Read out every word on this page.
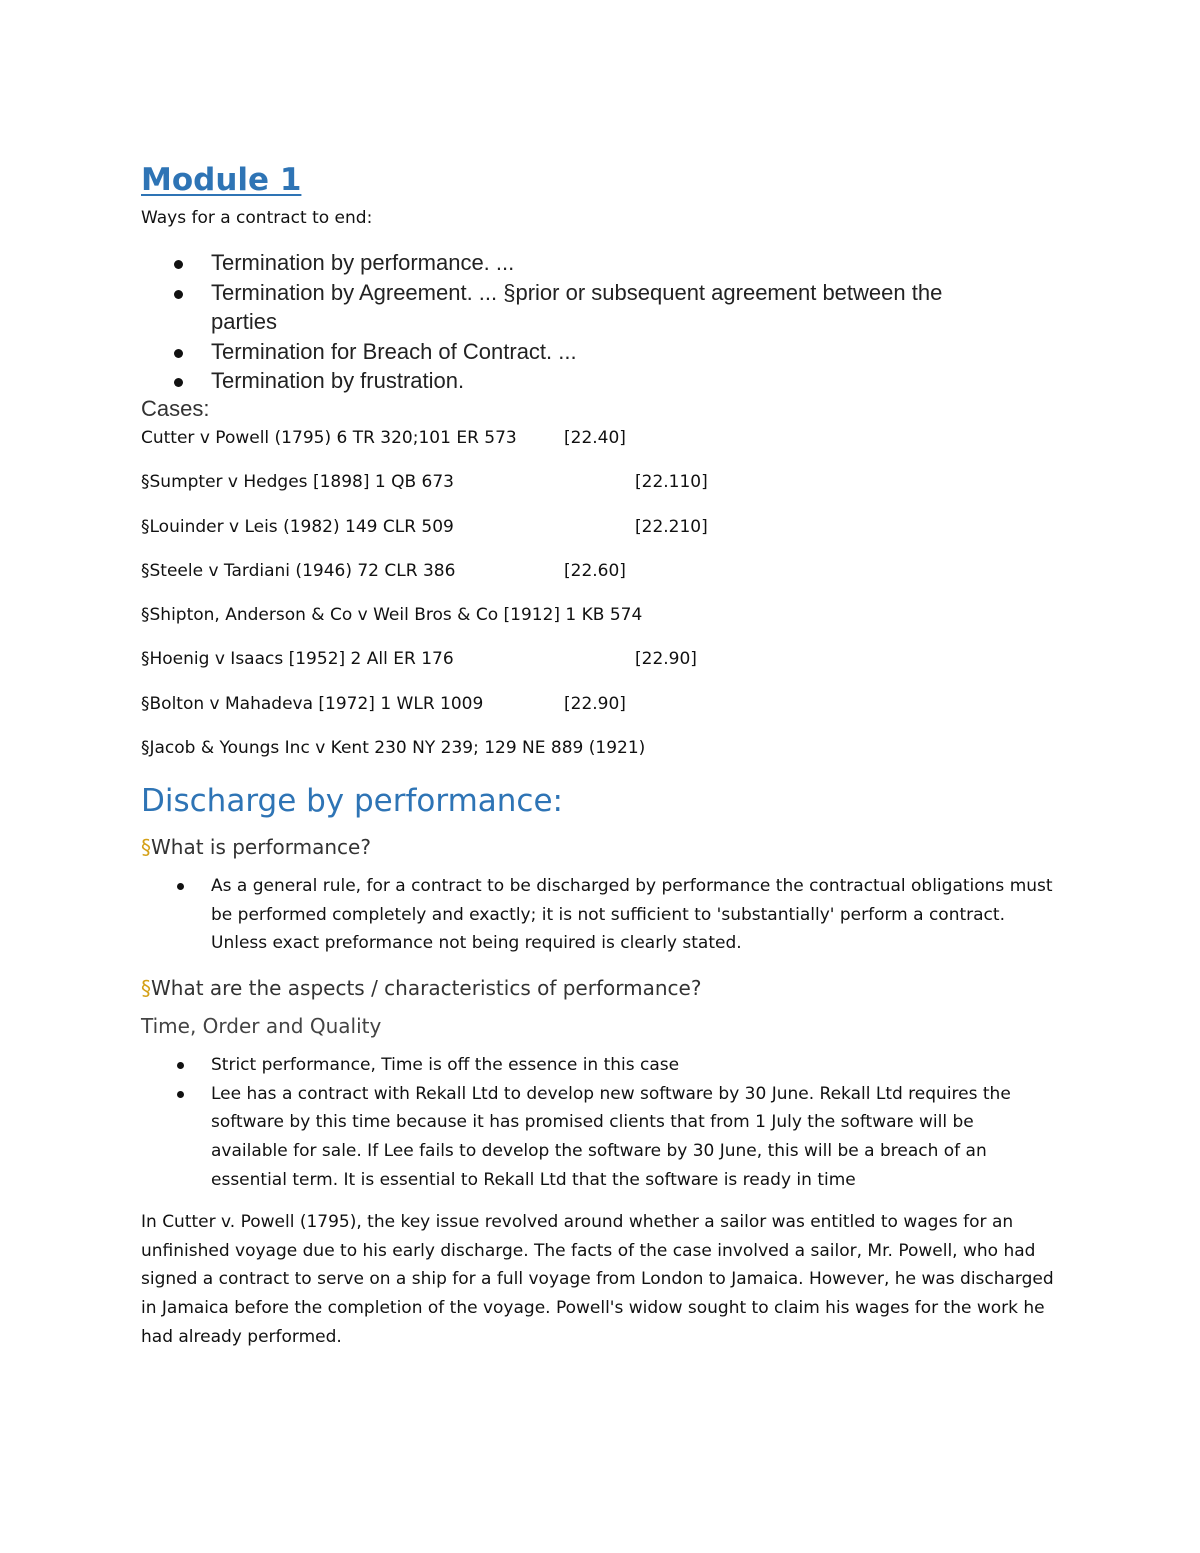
Module 1
Ways for a contract to end:
Termination by performance. ...
Termination by Agreement. ... §prior or subsequent agreement between the
parties
Termination for Breach of Contract. ...
Termination by frustration.
Cases:
Cutter v Powell (1795) 6 TR 320;101 ER 573	[22.40]
§Sumpter v Hedges [1898] 1 QB 673	[22.110]
§Louinder v Leis (1982) 149 CLR 509	[22.210]
§Steele v Tardiani (1946) 72 CLR 386	[22.60]
§Shipton, Anderson & Co v Weil Bros & Co [1912] 1 KB 574
§Hoenig v Isaacs [1952] 2 All ER 176	[22.90]
§Bolton v Mahadeva [1972] 1 WLR 1009	[22.90]
§Jacob & Youngs Inc v Kent 230 NY 239; 129 NE 889 (1921)
Discharge by performance:
§What is performance?
As a general rule, for a contract to be discharged by performance the contractual obligations must be performed completely and exactly; it is not sufficient to 'substantially' perform a contract. Unless exact preformance not being required is clearly stated.
§What are the aspects / characteristics of performance?
Time, Order and Quality
Strict performance, Time is off the essence in this case
Lee has a contract with Rekall Ltd to develop new software by 30 June. Rekall Ltd requires the software by this time because it has promised clients that from 1 July the software will be available for sale. If Lee fails to develop the software by 30 June, this will be a breach of an essential term. It is essential to Rekall Ltd that the software is ready in time
In Cutter v. Powell (1795), the key issue revolved around whether a sailor was entitled to wages for an unfinished voyage due to his early discharge. The facts of the case involved a sailor, Mr. Powell, who had signed a contract to serve on a ship for a full voyage from London to Jamaica. However, he was discharged in Jamaica before the completion of the voyage. Powell's widow sought to claim his wages for the work he had already performed.
